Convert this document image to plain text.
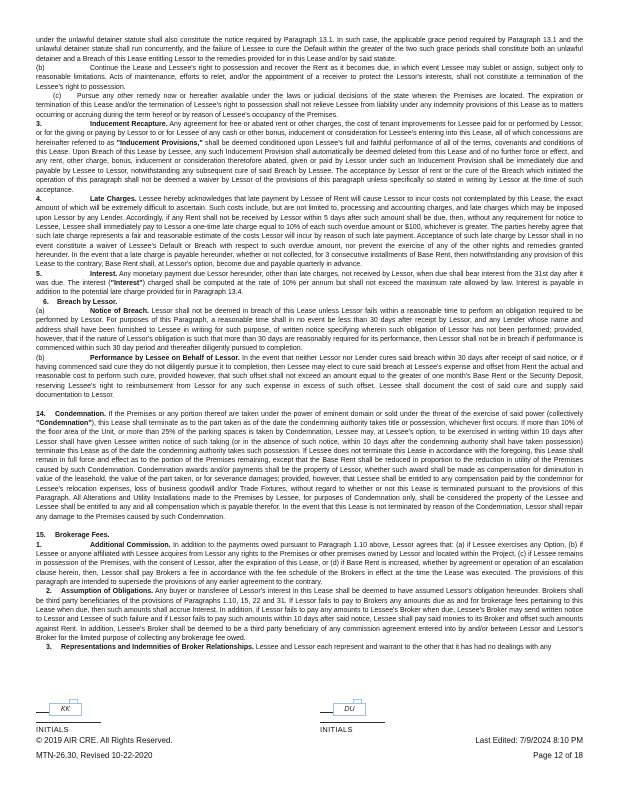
under the unlawful detainer statute shall also constitute the notice required by Paragraph 13.1. In such case, the applicable grace period required by Paragraph 13.1 and the unlawful detainer statute shall run concurrently, and the failure of Lessee to cure the Default within the greater of the two such grace periods shall constitute both an unlawful detainer and a Breach of this Lease entitling Lessor to the remedies provided for in this Lease and/or by said statute.

(b)	Continue the Lease and Lessee's right to possession and recover the Rent as it becomes due, in which event Lessee may sublet or assign, subject only to reasonable limitations. Acts of maintenance, efforts to relet, and/or the appointment of a receiver to protect the Lessor's interests, shall not constitute a termination of the Lessee's right to possession.

(c) Pursue any other remedy now or hereafter available under the laws or judicial decisions of the state wherein the Premises are located. The expiration or termination of this Lease and/or the termination of Lessee's right to possession shall not relieve Lessee from liability under any indemnity provisions of this Lease as to matters occurring or accruing during the term hereof or by reason of Lessee's occupancy of the Premises.

3.	Inducement Recapture. Any agreement for free or abated rent or other charges, the cost of tenant improvements for Lessee paid for or performed by Lessor, or for the giving or paying by Lessor to or for Lessee of any cash or other bonus, inducement or consideration for Lessee's entering into this Lease, all of which concessions are hereinafter referred to as "Inducement Provisions," shall be deemed conditioned upon Lessee's full and faithful performance of all of the terms, covenants and conditions of this Lease. Upon Breach of this Lease by Lessee, any such Inducement Provision shall automatically be deemed deleted from this Lease and of no further force or effect, and any rent, other charge, bonus, inducement or consideration theretofore abated, given or paid by Lessor under such an Inducement Provision shall be immediately due and payable by Lessee to Lessor, notwithstanding any subsequent cure of said Breach by Lessee. The acceptance by Lessor of rent or the cure of the Breach which initiated the operation of this paragraph shall not be deemed a waiver by Lessor of the provisions of this paragraph unless specifically so stated in writing by Lessor at the time of such acceptance.

4.	Late Charges. Lessee hereby acknowledges that late payment by Lessee of Rent will cause Lessor to incur costs not contemplated by this Lease, the exact amount of which will be extremely difficult to ascertain. Such costs include, but are not limited to, processing and accounting charges, and late charges which may be imposed upon Lessor by any Lender. Accordingly, if any Rent shall not be received by Lessor within 5 days after such amount shall be due, then, without any requirement for notice to Lessee, Lessee shall immediately pay to Lessor a one-time late charge equal to 10% of each such overdue amount or $100, whichever is greater. The parties hereby agree that such late charge represents a fair and reasonable estimate of the costs Lessor will incur by reason of such late payment. Acceptance of such late charge by Lessor shall in no event constitute a waiver of Lessee's Default or Breach with respect to such overdue amount, nor prevent the exercise of any of the other rights and remedies granted hereunder. In the event that a late charge is payable hereunder, whether or not collected, for 3 consecutive installments of Base Rent, then notwithstanding any provision of this Lease to the contrary, Base Rent shall, at Lessor's option, become due and payable quarterly in advance.

5.	Interest. Any monetary payment due Lessor hereunder, other than late charges, not received by Lessor, when due shall bear interest from the 31st day after it was due. The interest ("Interest") charged shall be computed at the rate of 10% per annum but shall not exceed the maximum rate allowed by law. Interest is payable in addition to the potential late charge provided for in Paragraph 13.4.

6. Breach by Lessor.

(a)	Notice of Breach. Lessor shall not be deemed in breach of this Lease unless Lessor fails within a reasonable time to perform an obligation required to be performed by Lessor. For purposes of this Paragraph, a reasonable time shall in no event be less than 30 days after receipt by Lessor, and any Lender whose name and address shall have been furnished to Lessee in writing for such purpose, of written notice specifying wherein such obligation of Lessor has not been performed; provided, however, that if the nature of Lessor's obligation is such that more than 30 days are reasonably required for its performance, then Lessor shall not be in breach if performance is commenced within such 30 day period and thereafter diligently pursued to completion.

(b)	Performance by Lessee on Behalf of Lessor. In the event that neither Lessor nor Lender cures said breach within 30 days after receipt of said notice, or if having commenced said cure they do not diligently pursue it to completion, then Lessee may elect to cure said breach at Lessee's expense and offset from Rent the actual and reasonable cost to perform such cure, provided however, that such offset shall not exceed an amount equal to the greater of one month's Base Rent or the Security Deposit, reserving Lessee's right to reimbursement from Lessor for any such expense in excess of such offset. Lessee shall document the cost of said cure and supply said documentation to Lessor.

14. Condemnation. If the Premises or any portion thereof are taken under the power of eminent domain or sold under the threat of the exercise of said power (collectively "Condemnation"), this Lease shall terminate as to the part taken as of the date the condemning authority takes title or possession, whichever first occurs. If more than 10% of the floor area of the Unit, or more than 25% of the parking spaces is taken by Condemnation, Lessee may, at Lessee's option, to be exercised in writing within 10 days after Lessor shall have given Lessee written notice of such taking (or in the absence of such notice, within 10 days after the condemning authority shall have taken possession) terminate this Lease as of the date the condemning authority takes such possession. If Lessee does not terminate this Lease in accordance with the foregoing, this Lease shall remain in full force and effect as to the portion of the Premises remaining, except that the Base Rent shall be reduced in proportion to the reduction in utility of the Premises caused by such Condemnation. Condemnation awards and/or payments shall be the property of Lessor, whether such award shall be made as compensation for diminution in value of the leasehold, the value of the part taken, or for severance damages; provided, however, that Lessee shall be entitled to any compensation paid by the condemnor for Lessee's relocation expenses, loss of business goodwill and/or Trade Fixtures, without regard to whether or not this Lease is terminated pursuant to the provisions of this Paragraph. All Alterations and Utility Installations made to the Premises by Lessee, for purposes of Condemnation only, shall be considered the property of the Lessee and Lessee shall be entitled to any and all compensation which is payable therefor. In the event that this Lease is not terminated by reason of the Condemnation, Lessor shall repair any damage to the Premises caused by such Condemnation.

15. Brokerage Fees.

1.	Additional Commission. In addition to the payments owed pursuant to Paragraph 1.10 above, Lessor agrees that: (a) if Lessee exercises any Option, (b) if Lessee or anyone affiliated with Lessee acquires from Lessor any rights to the Premises or other premises owned by Lessor and located within the Project, (c) if Lessee remains in possession of the Premises, with the consent of Lessor, after the expiration of this Lease, or (d) if Base Rent is increased, whether by agreement or operation of an escalation clause herein, then, Lessor shall pay Brokers a fee in accordance with the fee schedule of the Brokers in effect at the time the Lease was executed. The provisions of this paragraph are intended to supersede the provisions of any earlier agreement to the contrary.

2. Assumption of Obligations. Any buyer or transferee of Lessor's interest in this Lease shall be deemed to have assumed Lessor's obligation hereunder. Brokers shall be third party beneficiaries of the provisions of Paragraphs 1.10, 15, 22 and 31. If Lessor fails to pay to Brokers any amounts due as and for brokerage fees pertaining to this Lease when due, then such amounts shall accrue Interest. In addition, if Lessor fails to pay any amounts to Lessee's Broker when due, Lessee's Broker may send written notice to Lessor and Lessee of such failure and if Lessor fails to pay such amounts within 10 days after said notice, Lessee shall pay said monies to its Broker and offset such amounts against Rent. In addition, Lessee's Broker shall be deemed to be a third party beneficiary of any commission agreement entered into by and/or between Lessor and Lessor's Broker for the limited purpose of collecting any brokerage fee owed.

3. Representations and Indemnities of Broker Relationships. Lessee and Lessor each represent and warrant to the other that it has had no dealings with any

KK
INITIALS
DU
INITIALS
© 2019 AIR CRE. All Rights Reserved.	Last Edited: 7/9/2024 8:10 PM
MTN-26.30, Revised 10-22-2020	Page 12 of 18
